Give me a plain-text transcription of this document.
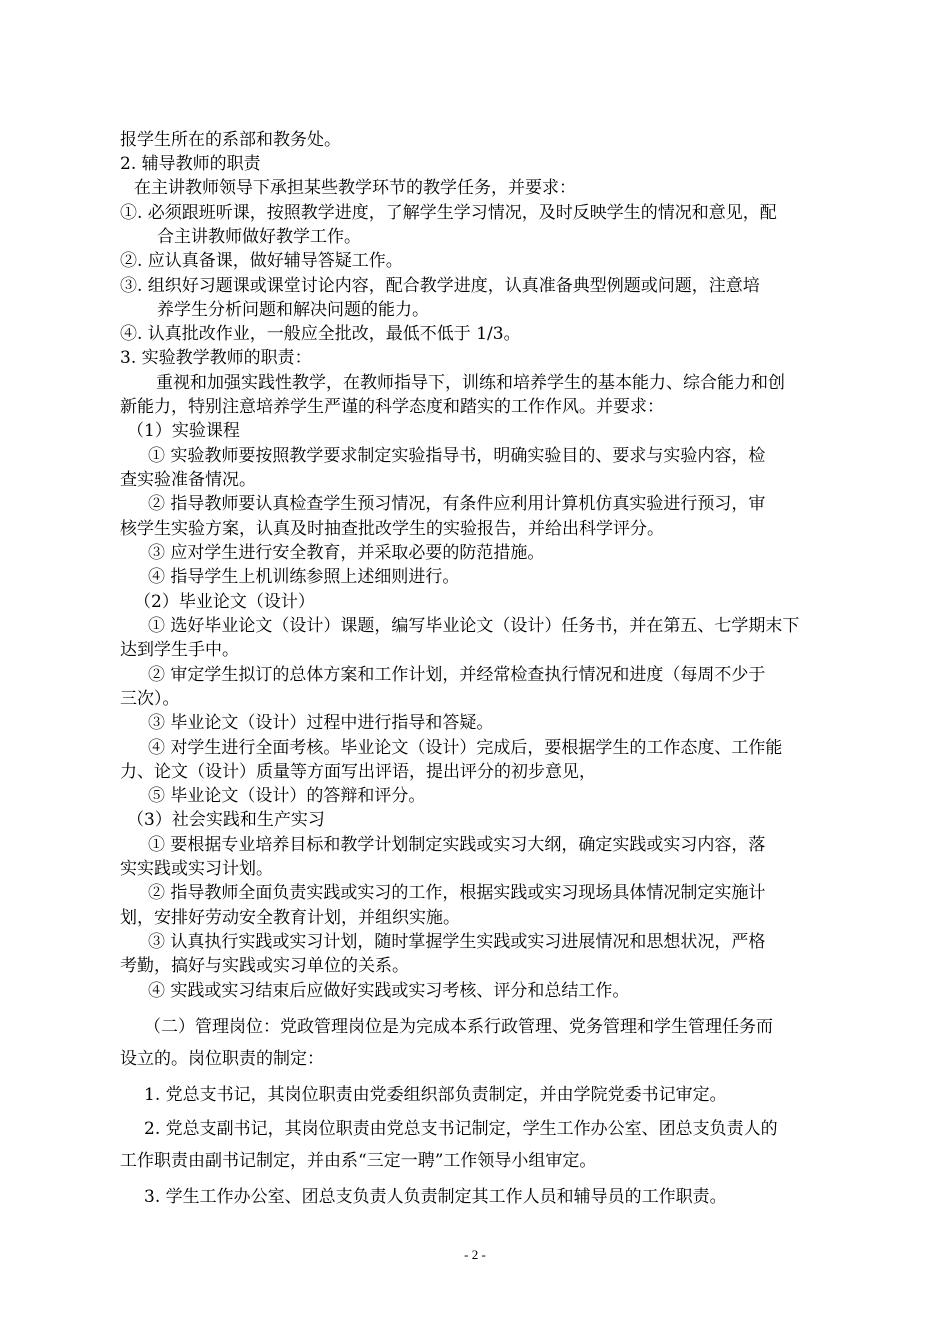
报学生所在的系部和教务处。
2. 辅导教师的职责
在主讲教师领导下承担某些教学环节的教学任务，并要求：
①. 必须跟班听课，按照教学进度，了解学生学习情况，及时反映学生的情况和意见，配
合主讲教师做好教学工作。
②. 应认真备课，做好辅导答疑工作。
③. 组织好习题课或课堂讨论内容，配合教学进度，认真准备典型例题或问题，注意培
养学生分析问题和解决问题的能力。
④. 认真批改作业，一般应全批改，最低不低于 1/3。
3. 实验教学教师的职责：
重视和加强实践性教学，在教师指导下，训练和培养学生的基本能力、综合能力和创
新能力，特别注意培养学生严谨的科学态度和踏实的工作作风。并要求：
（1）实验课程
① 实验教师要按照教学要求制定实验指导书，明确实验目的、要求与实验内容，检
查实验准备情况。
② 指导教师要认真检查学生预习情况，有条件应利用计算机仿真实验进行预习，审
核学生实验方案，认真及时抽查批改学生的实验报告，并给出科学评分。
③ 应对学生进行安全教育，并采取必要的防范措施。
④ 指导学生上机训练参照上述细则进行。
（2）毕业论文（设计）
① 选好毕业论文（设计）课题，编写毕业论文（设计）任务书，并在第五、七学期末下
达到学生手中。
② 审定学生拟订的总体方案和工作计划，并经常检查执行情况和进度（每周不少于
三次）。
③ 毕业论文（设计）过程中进行指导和答疑。
④ 对学生进行全面考核。毕业论文（设计）完成后，要根据学生的工作态度、工作能
力、论文（设计）质量等方面写出评语，提出评分的初步意见，
⑤ 毕业论文（设计）的答辩和评分。
（3）社会实践和生产实习
① 要根据专业培养目标和教学计划制定实践或实习大纲，确定实践或实习内容，落
实实践或实习计划。
② 指导教师全面负责实践或实习的工作，根据实践或实习现场具体情况制定实施计
划，安排好劳动安全教育计划，并组织实施。
③ 认真执行实践或实习计划，随时掌握学生实践或实习进展情况和思想状况，严格
考勤，搞好与实践或实习单位的关系。
④ 实践或实习结束后应做好实践或实习考核、评分和总结工作。
（二）管理岗位：党政管理岗位是为完成本系行政管理、党务管理和学生管理任务而
设立的。岗位职责的制定：
1. 党总支书记，其岗位职责由党委组织部负责制定，并由学院党委书记审定。
2. 党总支副书记，其岗位职责由党总支书记制定，学生工作办公室、团总支负责人的
工作职责由副书记制定，并由系“三定一聘”工作领导小组审定。
3. 学生工作办公室、团总支负责人负责制定其工作人员和辅导员的工作职责。
- 2 -
